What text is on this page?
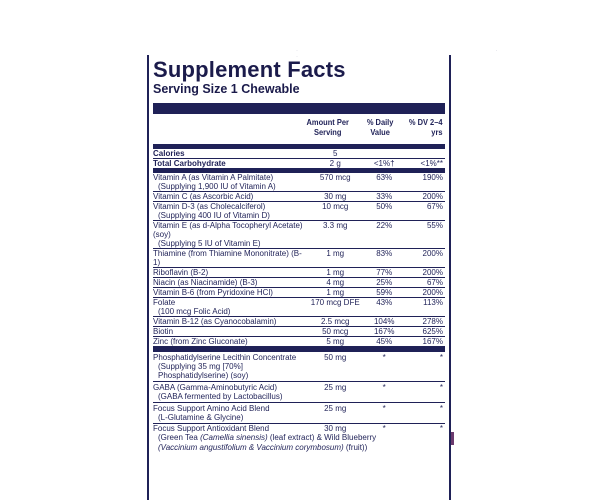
· · ·
Supplement Facts
Serving Size 1 Chewable
Amount Per Serving
% Daily Value
% DV 2–4 yrs
Calories	5
Total Carbohydrate	2 g	<1%†	<1%**
Vitamin A (as Vitamin A Palmitate)
(Supplying 1,900 IU of Vitamin A)
570 mcg	63%	190%
Vitamin C (as Ascorbic Acid)	30 mg	33%	200%
Vitamin D-3 (as Cholecalciferol)
(Supplying 400 IU of Vitamin D)
10 mcg	50%	67%
Vitamin E (as d-Alpha Tocopheryl Acetate) (soy)
(Supplying 5 IU of Vitamin E)
3.3 mg	22%	55%
Thiamine (from Thiamine Mononitrate) (B-1)
1 mg	83%	200%
Riboflavin (B-2)	1 mg	77%	200%
Niacin (as Niacinamide) (B-3)	4 mg	25%	67%
Vitamin B-6 (from Pyridoxine HCl)	1 mg	59%	200%
Folate
(100 mcg Folic Acid)
170 mcg DFE	43%	113%
Vitamin B-12 (as Cyanocobalamin)	2.5 mcg	104%	278%
Biotin	50 mcg	167%	625%
Zinc (from Zinc Gluconate)	5 mg	45%	167%
Phosphatidylserine Lecithin Concentrate
(Supplying 35 mg [70%] Phosphatidylserine) (soy)
50 mg	*	*
GABA (Gamma-Aminobutyric Acid)
(GABA fermented by Lactobacillus)
25 mg	*	*
Focus Support Amino Acid Blend
(L-Glutamine & Glycine)
25 mg	*	*
Focus Support Antioxidant Blend	30 mg	*	*
(Green Tea (Camellia sinensis) (leaf extract) & Wild Blueberry
(Vaccinium angustifolium & Vaccinium corymbosum) (fruit))
